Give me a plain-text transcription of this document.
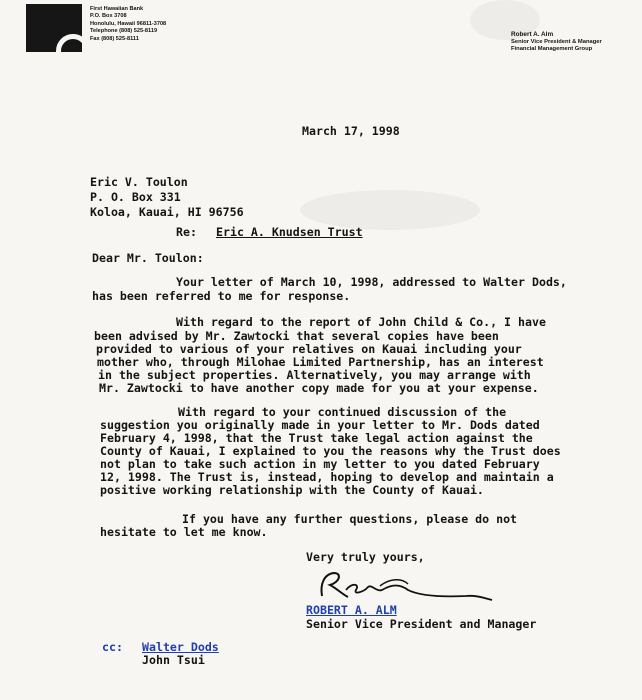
First Hawaiian Bank
P.O. Box 3708
Honolulu, Hawaii 96811-3708
Telephone (808) 525-8119
Fax (808) 525-8111
Robert A. Alm
Senior Vice President & Manager
Financial Management Group
March 17, 1998
Eric V. Toulon
P. O. Box 331
Koloa, Kauai, HI 96756
Re: Eric A. Knudsen Trust
Dear Mr. Toulon:
Your letter of March 10, 1998, addressed to Walter Dods,
has been referred to me for response.
With regard to the report of John Child & Co., I have
been advised by Mr. Zawtocki that several copies have been
provided to various of your relatives on Kauai including your
mother who, through Milohae Limited Partnership, has an interest
in the subject properties. Alternatively, you may arrange with
Mr. Zawtocki to have another copy made for you at your expense.
With regard to your continued discussion of the
suggestion you originally made in your letter to Mr. Dods dated
February 4, 1998, that the Trust take legal action against the
County of Kauai, I explained to you the reasons why the Trust does
not plan to take such action in my letter to you dated February
12, 1998. The Trust is, instead, hoping to develop and maintain a
positive working relationship with the County of Kauai.
If you have any further questions, please do not
hesitate to let me know.
Very truly yours,
ROBERT A. ALM
Senior Vice President and Manager
cc: Walter Dods
John Tsui
